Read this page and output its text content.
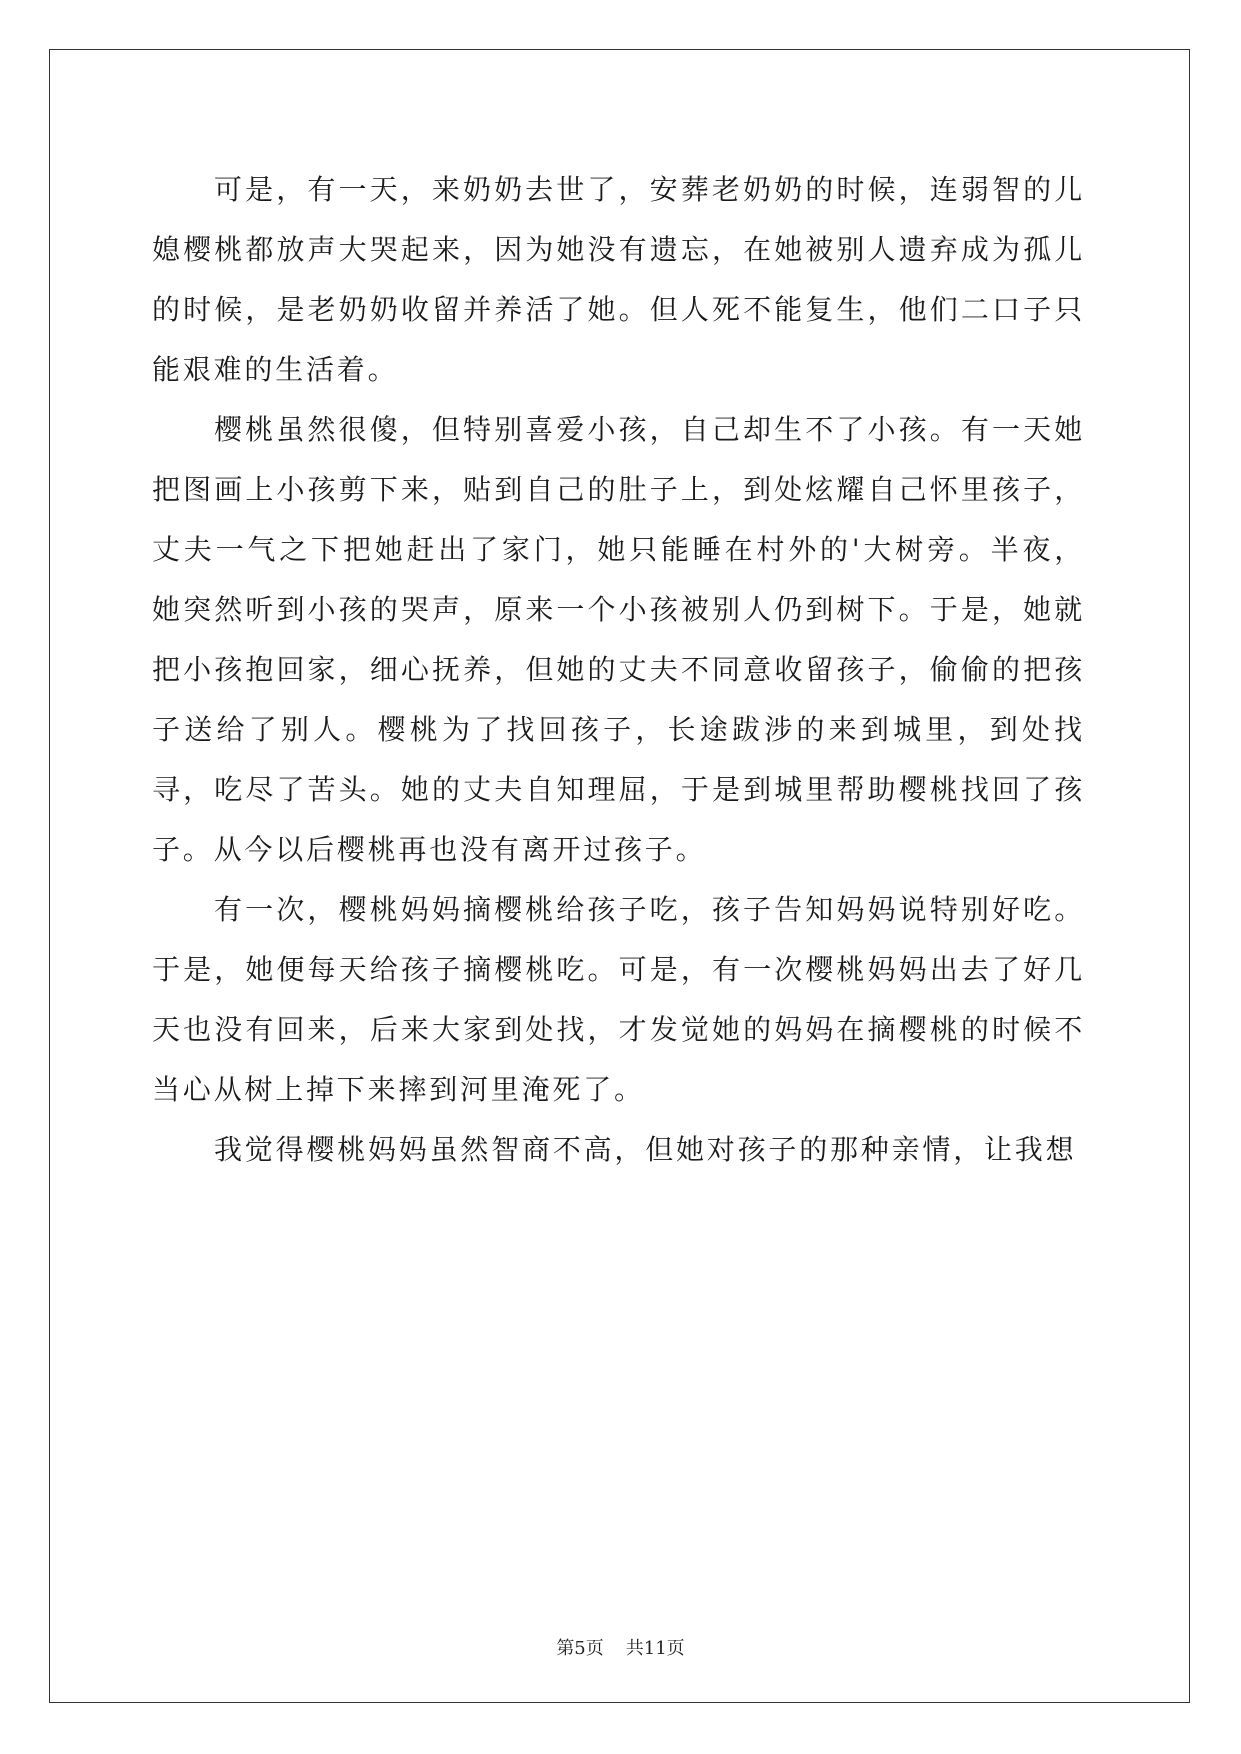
可是，有一天，来奶奶去世了，安葬老奶奶的时候，连弱智的儿媳樱桃都放声大哭起来，因为她没有遗忘，在她被别人遗弃成为孤儿的时候，是老奶奶收留并养活了她。但人死不能复生，他们二口子只能艰难的生活着。

樱桃虽然很傻，但特别喜爱小孩，自己却生不了小孩。有一天她把图画上小孩剪下来，贴到自己的肚子上，到处炫耀自己怀里孩子，丈夫一气之下把她赶出了家门，她只能睡在村外的'大树旁。半夜，她突然听到小孩的哭声，原来一个小孩被别人仍到树下。于是，她就把小孩抱回家，细心抚养，但她的丈夫不同意收留孩子，偷偷的把孩子送给了别人。樱桃为了找回孩子，长途跋涉的来到城里，到处找寻，吃尽了苦头。她的丈夫自知理屈，于是到城里帮助樱桃找回了孩子。从今以后樱桃再也没有离开过孩子。

有一次，樱桃妈妈摘樱桃给孩子吃，孩子告知妈妈说特别好吃。于是，她便每天给孩子摘樱桃吃。可是，有一次樱桃妈妈出去了好几天也没有回来，后来大家到处找，才发觉她的妈妈在摘樱桃的时候不当心从树上掉下来摔到河里淹死了。

我觉得樱桃妈妈虽然智商不高，但她对孩子的那种亲情，让我想

第5页 共11页
